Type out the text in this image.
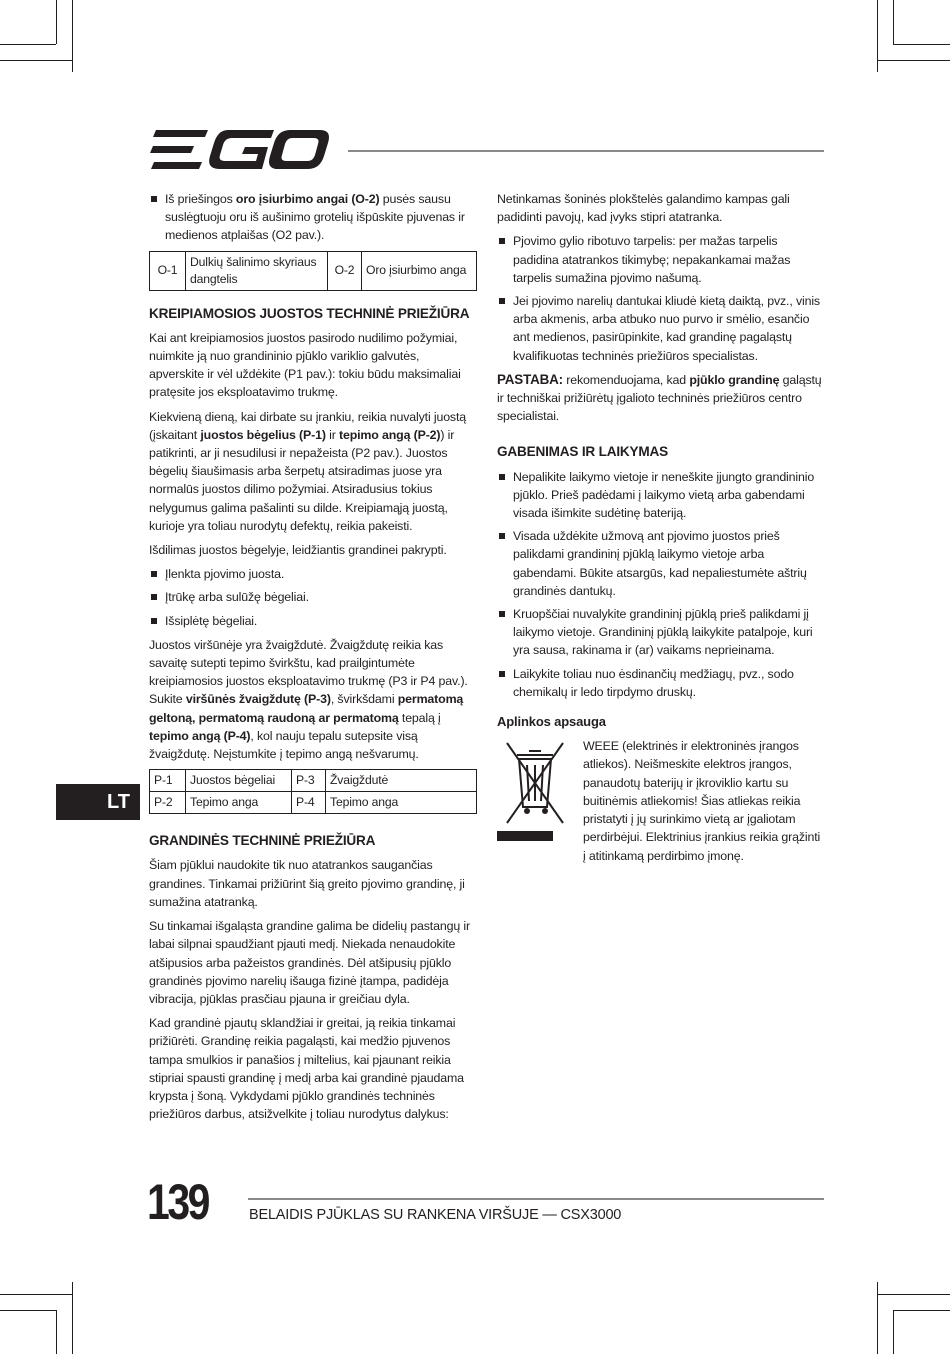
Iš priešingos oro įsiurbimo angai (O-2) pusės sausu suslėgtuoju oru iš aušinimo grotelių išpūskite pjuvenas ir medienos atplaišas (O2 pav.).
O-1	Dulkių šalinimo skyriaus dangtelis	O-2	Oro įsiurbimo anga
KREIPIAMOSIOS JUOSTOS TECHNINĖ PRIEŽIŪRA

Kai ant kreipiamosios juostos pasirodo nudilimo požymiai, nuimkite ją nuo grandininio pjūklo variklio galvutės, apverskite ir vėl uždėkite (P1 pav.): tokiu būdu maksimaliai pratęsite jos eksploatavimo trukmę.

Kiekvieną dieną, kai dirbate su įrankiu, reikia nuvalyti juostą (įskaitant juostos bėgelius (P-1) ir tepimo angą (P-2)) ir patikrinti, ar ji nesudilusi ir nepažeista (P2 pav.). Juostos bėgelių šiaušimasis arba šerpetų atsiradimas juose yra normalūs juostos dilimo požymiai. Atsiradusius tokius nelygumus galima pašalinti su dilde. Kreipiamąją juostą, kurioje yra toliau nurodytų defektų, reikia pakeisti.

Išdilimas juostos bėgelyje, leidžiantis grandinei pakrypti.

Įlenkta pjovimo juosta.
Įtrūkę arba sulūžę bėgeliai.
Išsiplėtę bėgeliai.

Juostos viršūnėje yra žvaigždutė. Žvaigždutę reikia kas savaitę sutepti tepimo švirkštu, kad prailgintumėte kreipiamosios juostos eksploatavimo trukmę (P3 ir P4 pav.). Sukite viršūnės žvaigždutę (P-3), švirkšdami permatomą geltoną, permatomą raudoną ar permatomą tepalą į tepimo angą (P-4), kol nauju tepalu sutepsite visą žvaigždutę. Neįstumkite į tepimo angą nešvarumų.

P-1	Juostos bėgeliai	P-3	Žvaigždutė
P-2	Tepimo anga	P-4	Tepimo anga
GRANDINĖS TECHNINĖ PRIEŽIŪRA

Šiam pjūklui naudokite tik nuo atatrankos saugančias grandines. Tinkamai prižiūrint šią greito pjovimo grandinę, ji sumažina atatranką.

Su tinkamai išgaląsta grandine galima be didelių pastangų ir labai silpnai spaudžiant pjauti medį. Niekada nenaudokite atšipusios arba pažeistos grandinės. Dėl atšipusių pjūklo grandinės pjovimo narelių išauga fizinė įtampa, padidėja vibracija, pjūklas prasčiau pjauna ir greičiau dyla.

Kad grandinė pjautų sklandžiai ir greitai, ją reikia tinkamai prižiūrėti. Grandinę reikia pagaląsti, kai medžio pjuvenos tampa smulkios ir panašios į miltelius, kai pjaunant reikia stipriai spausti grandinę į medį arba kai grandinė pjaudama krypsta į šoną. Vykdydami pjūklo grandinės techninės priežiūros darbus, atsižvelkite į toliau nurodytus dalykus:

Netinkamas šoninės plokštelės galandimo kampas gali padidinti pavojų, kad įvyks stipri atatranka.

Pjovimo gylio ribotuvo tarpelis: per mažas tarpelis padidina atatrankos tikimybę; nepakankamai mažas tarpelis sumažina pjovimo našumą.
Jei pjovimo narelių dantukai kliudė kietą daiktą, pvz., vinis arba akmenis, arba atbuko nuo purvo ir smėlio, esančio ant medienos, pasirūpinkite, kad grandinę pagaląstų kvalifikuotas techninės priežiūros specialistas.

PASTABA: rekomenduojama, kad pjūklo grandinę galąstų ir techniškai prižiūrėtų įgalioto techninės priežiūros centro specialistai.

GABENIMAS IR LAIKYMAS
Nepalikite laikymo vietoje ir neneškite įjungto grandininio pjūklo. Prieš padėdami į laikymo vietą arba gabendami visada išimkite sudėtinę bateriją.
Visada uždėkite užmovą ant pjovimo juostos prieš palikdami grandininį pjūklą laikymo vietoje arba gabendami. Būkite atsargūs, kad nepaliestumėte aštrių grandinės dantukų.
Kruopščiai nuvalykite grandininį pjūklą prieš palikdami jį laikymo vietoje. Grandininį pjūklą laikykite patalpoje, kuri yra sausa, rakinama ir (ar) vaikams neprieinama.
Laikykite toliau nuo ėsdinančių medžiagų, pvz., sodo chemikalų ir ledo tirpdymo druskų.
Aplinkos apsauga

WEEE (elektrinės ir elektroninės įrangos atliekos). Neišmeskite elektros įrangos, panaudotų baterijų ir įkroviklio kartu su buitinėmis atliekomis! Šias atliekas reikia pristatyti į jų surinkimo vietą ar įgaliotam perdirbėjui. Elektrinius įrankius reikia grąžinti į atitinkamą perdirbimo įmonę.

LT
139	BELAIDIS PJŪKLAS SU RANKENA VIRŠUJE — CSX3000
